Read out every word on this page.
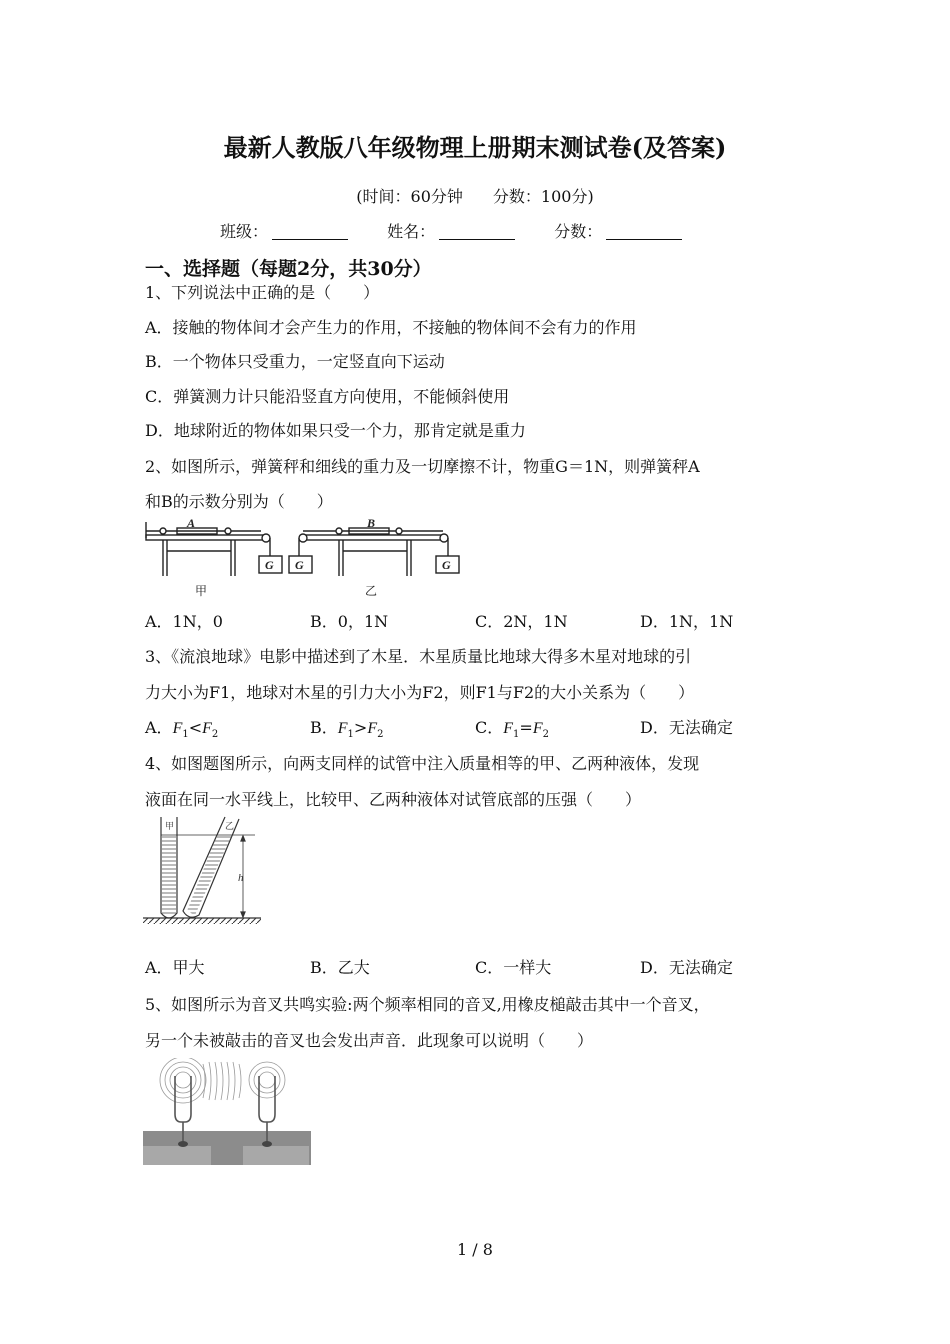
最新人教版八年级物理上册期末测试卷(及答案)
(时间：60分钟 分数：100分)
班级：	姓名：	分数：
一、选择题（每题2分，共30分）
1、下列说法中正确的是（　　）
A．接触的物体间才会产生力的作用，不接触的物体间不会有力的作用
B．一个物体只受重力，一定竖直向下运动
C．弹簧测力计只能沿竖直方向使用，不能倾斜使用
D．地球附近的物体如果只受一个力，那肯定就是重力
2、如图所示，弹簧秤和细线的重力及一切摩擦不计，物重G＝1N，则弹簧秤A
和B的示数分别为（　　）
A	B
G G	G
甲	乙
A．1N，0	B．0，1N	C．2N，1N	D．1N，1N
3、《流浪地球》电影中描述到了木星．木星质量比地球大得多木星对地球的引
力大小为F1，地球对木星的引力大小为F2，则F1与F2的大小关系为（　　）
A．$F_1<F_2$	B．$F_1>F_2$	C．$F_1=F_2$	D．无法确定
4、如图题图所示，向两支同样的试管中注入质量相等的甲、乙两种液体，发现
液面在同一水平线上，比较甲、乙两种液体对试管底部的压强（　　）
甲	乙
h
A．甲大	B．乙大	C．一样大	D．无法确定
5、如图所示为音叉共鸣实验:两个频率相同的音叉,用橡皮槌敲击其中一个音叉，
另一个未被敲击的音叉也会发出声音．此现象可以说明（　　）
1 / 8
